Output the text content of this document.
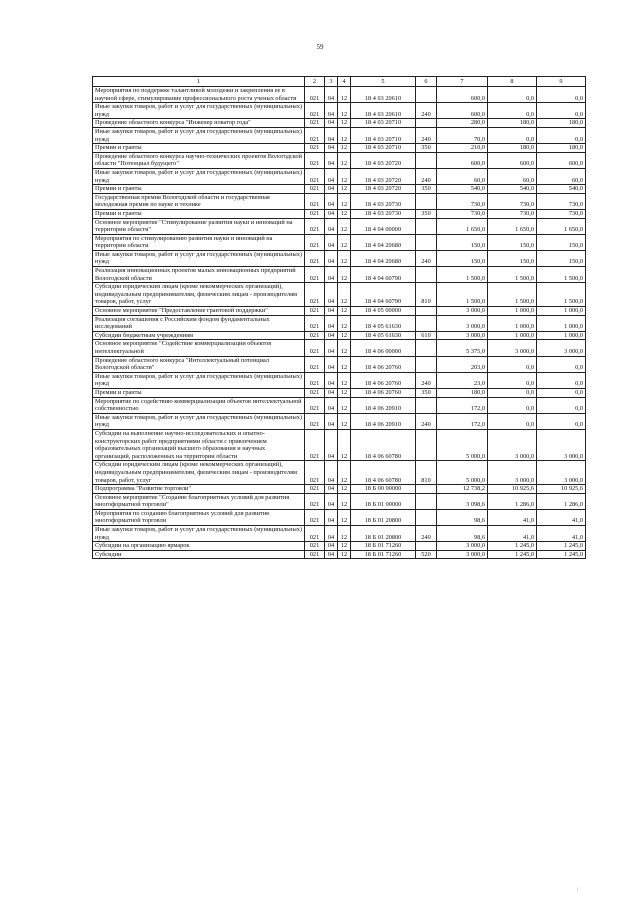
59
1	2	3	4	5	6	7	8	9
Мероприятия по поддержке талантливой молодежи и закрепления ее в научной сфере, стимулирование профессионального роста ученых области	021	04	12	18 4 03 20610		600,0	0,0	0,0
Иные закупки товаров, работ и услуг для государственных (муниципальных) нужд	021	04	12	18 4 03 20610	240	600,0	0,0	0,0
Проведение областного конкурса "Инженер новатор года"	021	04	12	18 4 03 20710		280,0	180,0	180,0
Иные закупки товаров, работ и услуг для государственных (муниципальных) нужд	021	04	12	18 4 03 20710	240	70,0	0,0	0,0
Премии и гранты	021	04	12	18 4 03 20710	350	210,0	180,0	180,0
Проведение областного конкурса научно-технических проектов Вологодской области "Потенциал будущего"	021	04	12	18 4 03 20720		600,0	600,0	600,0
Иные закупки товаров, работ и услуг для государственных (муниципальных) нужд	021	04	12	18 4 03 20720	240	60,0	60,0	60,0
Премии и гранты	021	04	12	18 4 03 20720	350	540,0	540,0	540,0
Государственная премия Вологодской области и государственная молодежная премия по науке и технике	021	04	12	18 4 03 20730		730,0	730,0	730,0
Премии и гранты	021	04	12	18 4 03 20730	350	730,0	730,0	730,0
Основное мероприятие "Стимулирование развития науки и инноваций на территории области"	021	04	12	18 4 04 00000		1 650,0	1 650,0	1 650,0
Мероприятия по стимулированию развития науки и инноваций на территории области	021	04	12	18 4 04 20680		150,0	150,0	150,0
Иные закупки товаров, работ и услуг для государственных (муниципальных) нужд	021	04	12	18 4 04 20680	240	150,0	150,0	150,0
Реализация инновационных проектов малых инновационных предприятий Вологодской области	021	04	12	18 4 04 60790		1 500,0	1 500,0	1 500,0
Субсидии юридическим лицам (кроме некоммерческих организаций), индивидуальным предпринимателям, физическим лицам - производителям товаров, работ, услуг	021	04	12	18 4 04 60790	810	1 500,0	1 500,0	1 500,0
Основное мероприятие "Предоставление грантовой поддержки"	021	04	12	18 4 05 00000		3 000,0	1 000,0	1 000,0
Реализация соглашения с Российским фондом фундаментальных исследований	021	04	12	18 4 05 61630		3 000,0	1 000,0	1 000,0
Субсидии бюджетным учреждениям	021	04	12	18 4 05 61630	610	3 000,0	1 000,0	1 000,0
Основное мероприятие "Содействие коммерциализации объектов интеллектуальной	021	04	12	18 4 06 00000		5 375,0	3 000,0	3 000,0
Проведение областного конкурса "Интеллектуальный потенциал Вологодской области"	021	04	12	18 4 06 20760		203,0	0,0	0,0
Иные закупки товаров, работ и услуг для государственных (муниципальных) нужд	021	04	12	18 4 06 20760	240	23,0	0,0	0,0
Премии и гранты	021	04	12	18 4 06 20760	350	180,0	0,0	0,0
Мероприятие по содействию коммерциализации объектов интеллектуальной собственностью	021	04	12	18 4 06 20910		172,0	0,0	0,0
Иные закупки товаров, работ и услуг для государственных (муниципальных) нужд	021	04	12	18 4 06 20910	240	172,0	0,0	0,0
Субсидии на выполнение научно-исследовательских и опытно-конструкторских работ предприятиями области с привлечением образовательных организаций высшего образования и научных организаций, расположенных на территории области	021	04	12	18 4 06 60780		5 000,0	3 000,0	3 000,0
Субсидии юридическим лицам (кроме некоммерческих организаций), индивидуальным предпринимателям, физическим лицам - производителям товаров, работ, услуг	021	04	12	18 4 06 60780	810	5 000,0	3 000,0	3 000,0
Подпрограмма "Развитие торговли"	021	04	12	18 Б 00 00000		12 738,2	10 925,6	10 925,6
Основное мероприятие "Создание благоприятных условий для развития многоформатной торговли"	021	04	12	18 Б 01 00000		3 098,6	1 286,0	1 286,0
Мероприятия по созданию благоприятных условий для развития многоформатной торговли	021	04	12	18 Б 01 20800		98,6	41,0	41,0
Иные закупки товаров, работ и услуг для государственных (муниципальных) нужд	021	04	12	18 Б 01 20800	240	98,6	41,0	41,0
Субсидии на организацию ярмарок	021	04	12	18 Б 01 71260		3 000,0	1 245,0	1 245,0
Субсидии	021	04	12	18 Б 01 71260	520	3 000,0	1 245,0	1 245,0
|
